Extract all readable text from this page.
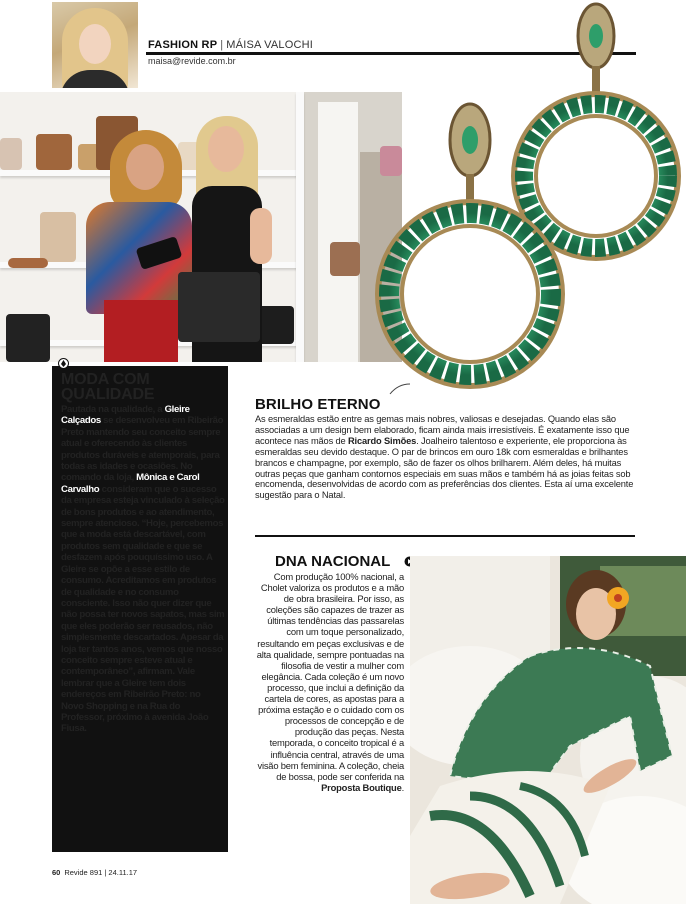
FASHION RP | MÁISA VALOCHI
maisa@revide.com.br
MODA COM QUALIDADE
Pautada na qualidade, a Gleire Calçados se desenvolveu em Ribeirão Preto mantendo seu conceito sempre atual e oferecendo às clientes produtos duráveis e atemporais, para todas as idades e ocasiões. No comando da loja, Mônica e Carol Carvalho consideram que o sucesso da empresa esteja vinculado à seleção de bons produtos e ao atendimento, sempre atencioso. “Hoje, percebemos que a moda está descartável, com produtos sem qualidade e que se desfazem após pouquíssimo uso. A Gleire se opõe a esse estilo de consumo. Acreditamos em produtos de qualidade e no consumo consciente. Isso não quer dizer que não possa ter novos sapatos, mas sim que eles poderão ser reusados, não simplesmente descartados. Apesar da loja ter tantos anos, vemos que nosso conceito sempre esteve atual e contemporâneo”, afirmam. Vale lembrar que a Gleire tem dois endereços em Ribeirão Preto: no Novo Shopping e na Rua do Professor, próximo à avenida João Fiusa.
BRILHO ETERNO
As esmeraldas estão entre as gemas mais nobres, valiosas e desejadas. Quando elas são associadas a um design bem elaborado, ficam ainda mais irresistíveis. É exatamente isso que acontece nas mãos de Ricardo Simões. Joalheiro talentoso e experiente, ele proporciona às esmeraldas seu devido destaque. O par de brincos em ouro 18k com esmeraldas e brilhantes brancos e champagne, por exemplo, são de fazer os olhos brilharem. Além deles, há muitas outras peças que ganham contornos especiais em suas mãos e também há as joias feitas sob encomenda, desenvolvidas de acordo com as preferências dos clientes. Esta aí uma excelente sugestão para o Natal.
DNA NACIONAL
Com produção 100% nacional, a Cholet valoriza os produtos e a mão de obra brasileira. Por isso, as coleções são capazes de trazer as últimas tendências das passarelas com um toque personalizado, resultando em peças exclusivas e de alta qualidade, sempre pontuadas na filosofia de vestir a mulher com elegância. Cada coleção é um novo processo, que inclui a definição da cartela de cores, as apostas para a próxima estação e o cuidado com os processos de concepção e de produção das peças. Nesta temporada, o conceito tropical é a influência central, através de uma visão bem feminina. A coleção, cheia de bossa, pode ser conferida na Proposta Boutique.
60 Revide 891 | 24.11.17
